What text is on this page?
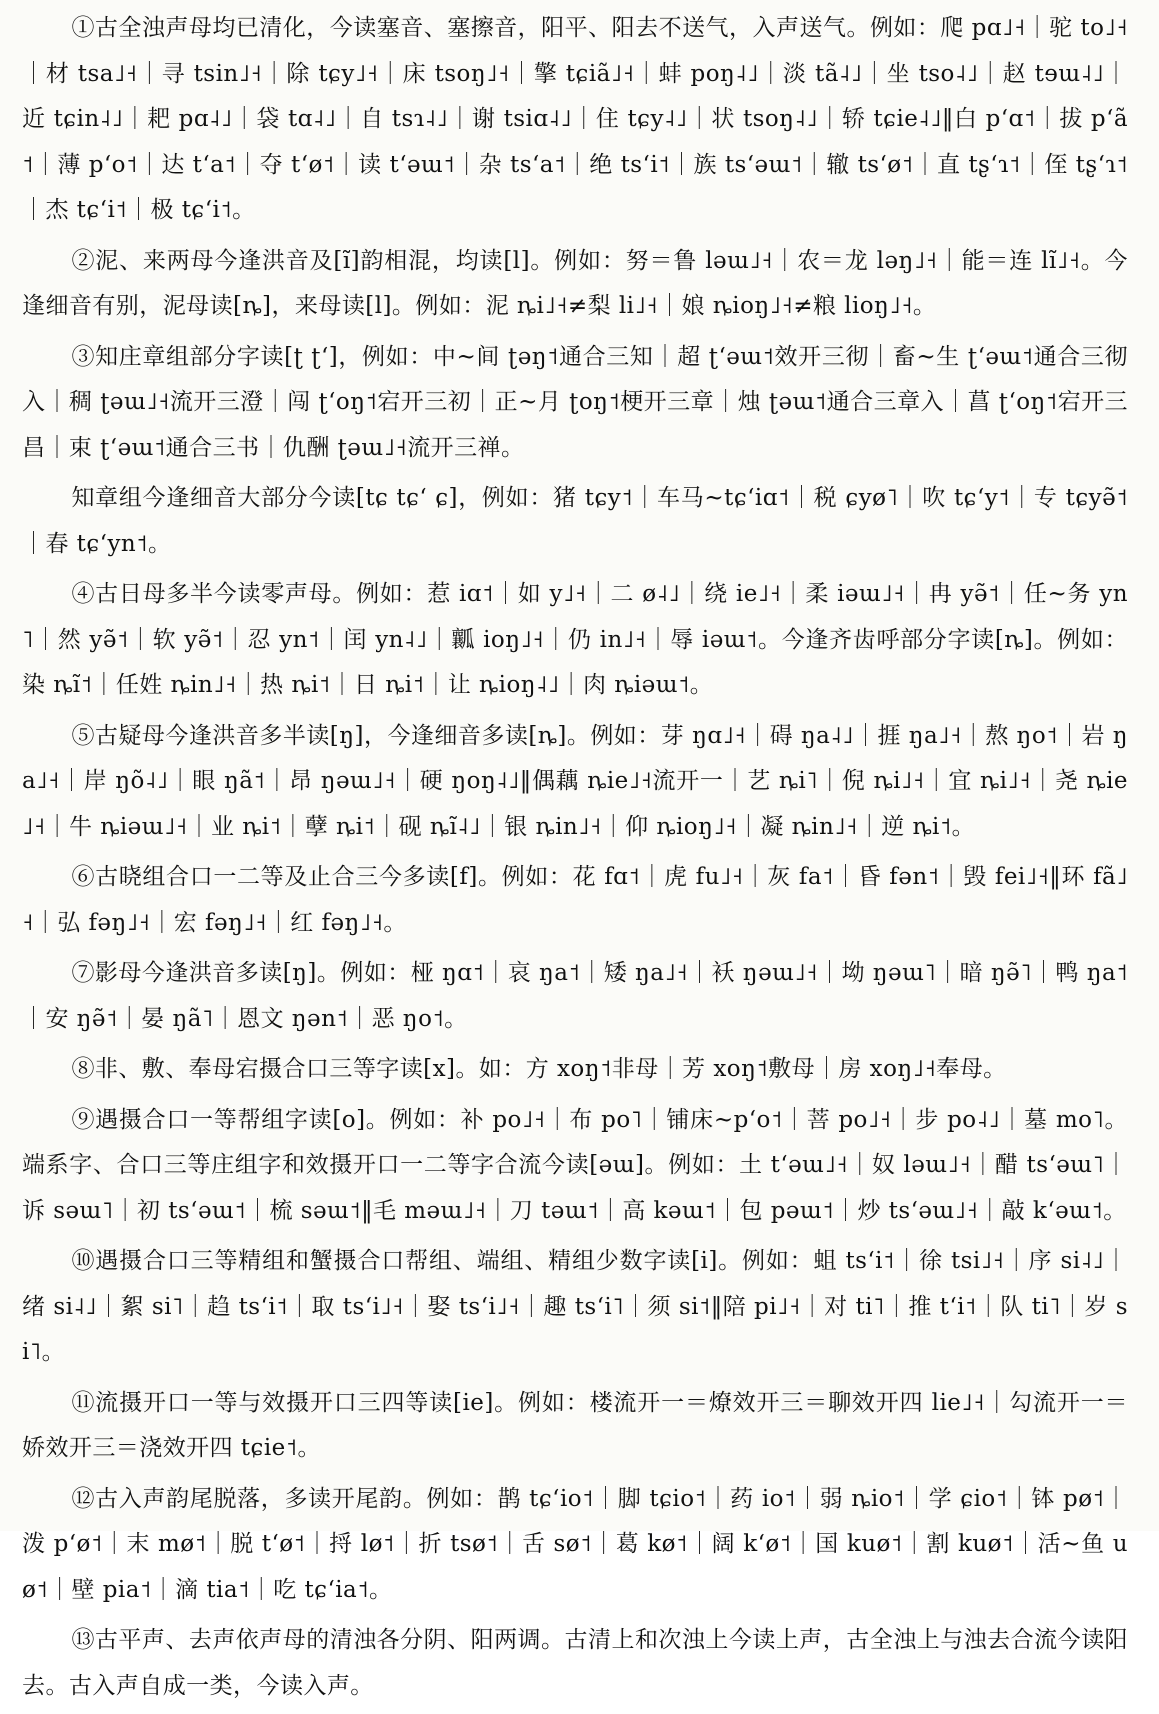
①古全浊声母均已清化，今读塞音、塞擦音，阳平、阳去不送气，入声送气。例如：爬 pɑ˩˧｜驼 to˩˧｜材 tsa˩˧｜寻 tsin˩˧｜除 tɕy˩˧｜床 tsoŋ˩˧｜擎 tɕiã˩˧｜蚌 poŋ˨˩｜淡 tã˨˩｜坐 tso˨˩｜赵 tɘɯ˨˩｜近 tɕin˨˩｜耙 pɑ˨˩｜袋 tɑ˨˩｜自 tsɿ˨˩｜谢 tsiɑ˨˩｜住 tɕy˨˩｜状 tsoŋ˨˩｜轿 tɕie˨˩‖白 pʻɑ˦｜拔 pʻã˦｜薄 pʻo˦｜达 tʻa˦｜夺 tʻø˦｜读 tʻəɯ˦｜杂 tsʻa˦｜绝 tsʻi˦｜族 tsʻəɯ˦｜辙 tsʻø˦｜直 tʂʻɿ˦｜侄 tʂʻɿ˦｜杰 tɕʻi˦｜极 tɕʻi˦。

②泥、来两母今逢洪音及[ĩ]韵相混，均读[l]。例如：努＝鲁 ləɯ˩˧｜农＝龙 ləŋ˩˧｜能＝连 lĩ˩˧。今逢细音有别，泥母读[ȵ]，来母读[l]。例如：泥 ȵi˩˧≠梨 li˩˧｜娘 ȵioŋ˩˧≠粮 lioŋ˩˧。

③知庄章组部分字读[ʈ ʈʻ]，例如：中~间 ʈəŋ˦通合三知｜超 ʈʻəɯ˦效开三彻｜畜~生 ʈʻəɯ˦通合三彻入｜稠 ʈəɯ˩˧流开三澄｜闯 ʈʻoŋ˦宕开三初｜正~月 ʈoŋ˦梗开三章｜烛 ʈəɯ˦通合三章入｜菖 ʈʻoŋ˦宕开三昌｜束 ʈʻəɯ˦通合三书｜仇酬 ʈəɯ˩˧流开三禅。

知章组今逢细音大部分今读[tɕ tɕʻ ɕ]，例如：猪 tɕy˦｜车马~tɕʻiɑ˦｜税 ɕyø˥｜吹 tɕʻy˦｜专 tɕyə̃˦｜春 tɕʻyn˦。

④古日母多半今读零声母。例如：惹 iɑ˦｜如 y˩˧｜二 ø˨˩｜绕 ie˩˧｜柔 iəɯ˩˧｜冉 yə̃˦｜任~务 yn˥｜然 yə̃˦｜软 yə̃˦｜忍 yn˦｜闰 yn˨˩｜瓤 ioŋ˩˧｜仍 in˩˧｜辱 iəɯ˦。今逢齐齿呼部分字读[ȵ]。例如：染 ȵĩ˦｜任姓 ȵin˩˧｜热 ȵi˦｜日 ȵi˦｜让 ȵioŋ˨˩｜肉 ȵiəɯ˦。

⑤古疑母今逢洪音多半读[ŋ]，今逢细音多读[ȵ]。例如：芽 ŋɑ˩˧｜碍 ŋa˨˩｜捱 ŋa˩˧｜熬 ŋo˦｜岩 ŋa˩˧｜岸 ŋõ˨˩｜眼 ŋã˦｜昂 ŋəɯ˩˧｜硬 ŋoŋ˨˩‖偶藕 ȵie˩˧流开一｜艺 ȵi˥｜倪 ȵi˩˧｜宜 ȵi˩˧｜尧 ȵie˩˧｜牛 ȵiəɯ˩˧｜业 ȵi˦｜孽 ȵi˦｜砚 ȵĩ˨˩｜银 ȵin˩˧｜仰 ȵioŋ˩˧｜凝 ȵin˩˧｜逆 ȵi˦。

⑥古晓组合口一二等及止合三今多读[f]。例如：花 fɑ˦｜虎 fu˩˧｜灰 fa˦｜昏 fən˦｜毁 fei˩˧‖环 fã˩˧｜弘 fəŋ˩˧｜宏 fəŋ˩˧｜红 fəŋ˩˧。

⑦影母今逢洪音多读[ŋ]。例如：桠 ŋɑ˦｜哀 ŋa˦｜矮 ŋa˩˧｜袄 ŋəɯ˩˧｜坳 ŋəɯ˥｜暗 ŋə̃˥｜鸭 ŋa˦｜安 ŋə̃˦｜晏 ŋã˥｜恩文 ŋən˦｜恶 ŋo˦。

⑧非、敷、奉母宕摄合口三等字读[x]。如：方 xoŋ˦非母｜芳 xoŋ˦敷母｜房 xoŋ˩˧奉母。

⑨遇摄合口一等帮组字读[o]。例如：补 po˩˧｜布 po˥｜铺床~pʻo˦｜菩 po˩˧｜步 po˨˩｜墓 mo˥。端系字、合口三等庄组字和效摄开口一二等字合流今读[əɯ]。例如：土 tʻəɯ˩˧｜奴 ləɯ˩˧｜醋 tsʻəɯ˥｜诉 səɯ˥｜初 tsʻəɯ˦｜梳 səɯ˦‖毛 məɯ˩˧｜刀 təɯ˦｜高 kəɯ˦｜包 pəɯ˦｜炒 tsʻəɯ˩˧｜敲 kʻəɯ˦。

⑩遇摄合口三等精组和蟹摄合口帮组、端组、精组少数字读[i]。例如：蛆 tsʻi˦｜徐 tsi˩˧｜序 si˨˩｜绪 si˨˩｜絮 si˥｜趋 tsʻi˦｜取 tsʻi˩˧｜娶 tsʻi˩˧｜趣 tsʻi˥｜须 si˦‖陪 pi˩˧｜对 ti˥｜推 tʻi˦｜队 ti˥｜岁 si˥。

⑪流摄开口一等与效摄开口三四等读[ie]。例如：楼流开一＝燎效开三＝聊效开四 lie˩˧｜勾流开一＝娇效开三＝浇效开四 tɕie˦。

⑫古入声韵尾脱落，多读开尾韵。例如：鹊 tɕʻio˦｜脚 tɕio˦｜药 io˦｜弱 ȵio˦｜学 ɕio˦｜钵 pø˦｜泼 pʻø˦｜末 mø˦｜脱 tʻø˦｜捋 lø˦｜折 tsø˦｜舌 sø˦｜葛 kø˦｜阔 kʻø˦｜国 kuø˦｜割 kuø˦｜活~鱼 uø˦｜壁 pia˦｜滴 tia˦｜吃 tɕʻia˦。

⑬古平声、去声依声母的清浊各分阴、阳两调。古清上和次浊上今读上声，古全浊上与浊去合流今读阳去。古入声自成一类，今读入声。
